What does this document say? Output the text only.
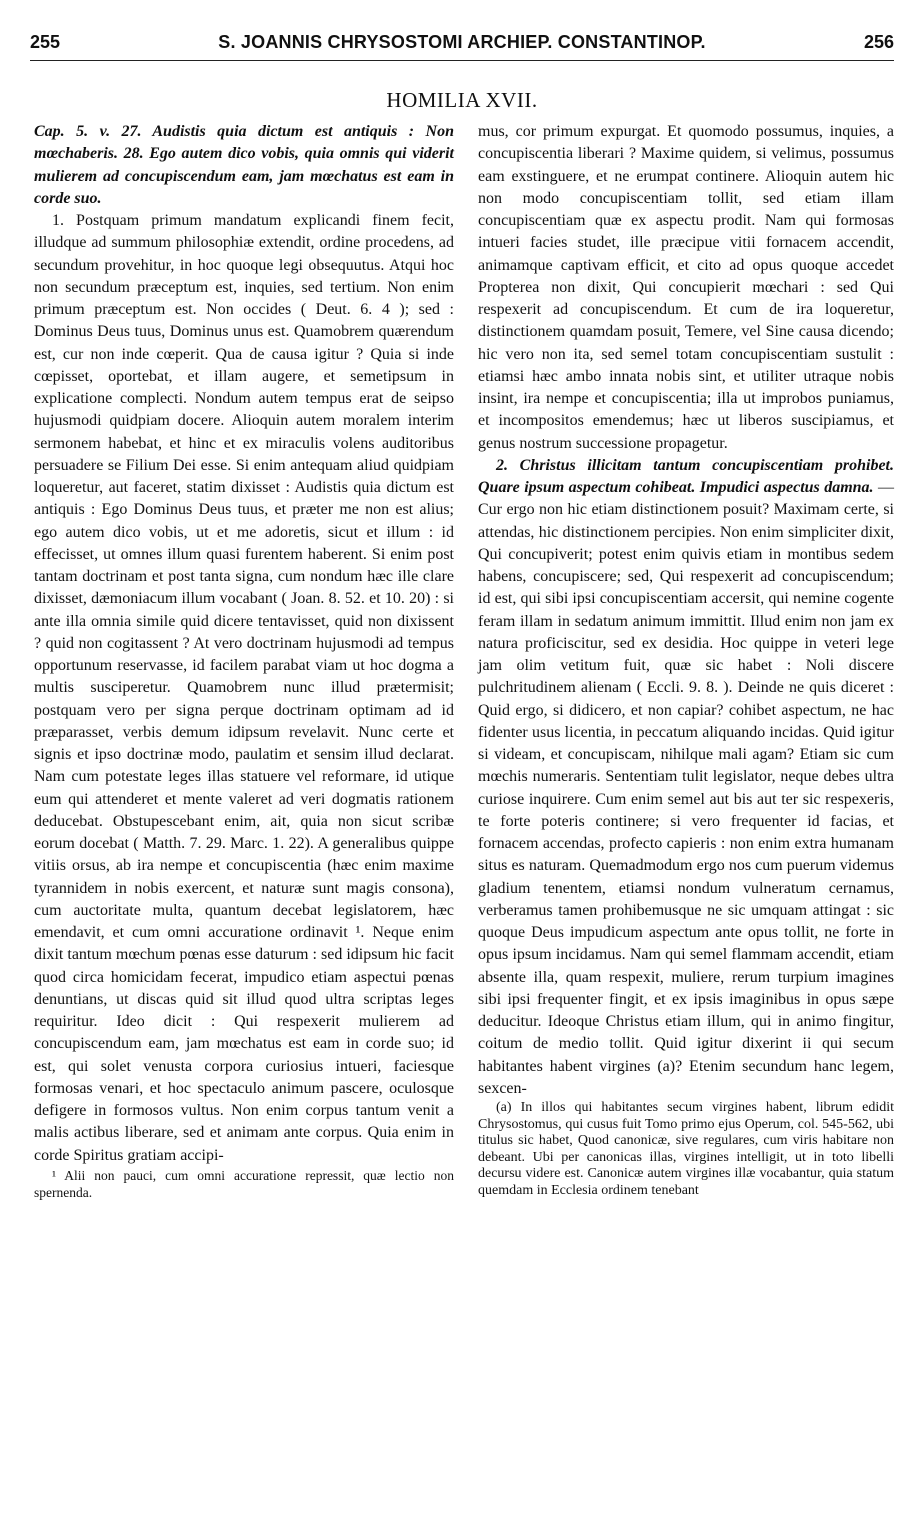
255	S. JOANNIS CHRYSOSTOMI ARCHIEP. CONSTANTINOP.	256
HOMILIA XVII.

Cap. 5. v. 27. Audistis quia dictum est antiquis : Non mœchaberis. 28. Ego autem dico vobis, quia omnis qui viderit mulierem ad concupiscendum eam, jam mœchatus est eam in corde suo.

1. Postquam primum mandatum explicandi finem fecit, illudque ad summum philosophiæ extendit, ordine procedens, ad secundum provehitur, in hoc quoque legi obsequutus. Atqui hoc non secundum præceptum est, inquies, sed tertium. Non enim primum præceptum est. Non occides ( Deut. 6. 4 ); sed : Dominus Deus tuus, Dominus unus est. Quamobrem quærendum est, cur non inde cœperit. Qua de causa igitur ? Quia si inde cœpisset, oportebat, et illam augere, et semetipsum in explicatione complecti. Nondum autem tempus erat de seipso hujusmodi quidpiam docere. Alioquin autem moralem interim sermonem habebat, et hinc et ex miraculis volens auditoribus persuadere se Filium Dei esse. Si enim antequam aliud quidpiam loqueretur, aut faceret, statim dixisset : Audistis quia dictum est antiquis : Ego Dominus Deus tuus, et præter me non est alius; ego autem dico vobis, ut et me adoretis, sicut et illum : id effecisset, ut omnes illum quasi furentem haberent. Si enim post tantam doctrinam et post tanta signa, cum nondum hæc ille clare dixisset, dæmoniacum illum vocabant ( Joan. 8. 52. et 10. 20) : si ante illa omnia simile quid dicere tentavisset, quid non dixissent ? quid non cogitassent ? At vero doctrinam hujusmodi ad tempus opportunum reservasse, id facilem parabat viam ut hoc dogma a multis susciperetur. Quamobrem nunc illud prætermisit; postquam vero per signa perque doctrinam optimam ad id præparasset, verbis demum idipsum revelavit. Nunc certe et signis et ipso doctrinæ modo, paulatim et sensim illud declarat. Nam cum potestate leges illas statuere vel reformare, id utique eum qui attenderet et mente valeret ad veri dogmatis rationem deducebat. Obstupescebant enim, ait, quia non sicut scribæ eorum docebat ( Matth. 7. 29. Marc. 1. 22). A generalibus quippe vitiis orsus, ab ira nempe et concupiscentia (hæc enim maxime tyrannidem in nobis exercent, et naturæ sunt magis consona), cum auctoritate multa, quantum decebat legislatorem, hæc emendavit, et cum omni accuratione ordinavit ¹. Neque enim dixit tantum mœchum pœnas esse daturum : sed idipsum hic facit quod circa homicidam fecerat, impudico etiam aspectui pœnas denuntians, ut discas quid sit illud quod ultra scriptas leges requiritur. Ideo dicit : Qui respexerit mulierem ad concupiscendum eam, jam mœchatus est eam in corde suo; id est, qui solet venusta corpora curiosius intueri, faciesque formosas venari, et hoc spectaculo animum pascere, oculosque defigere in formosos vultus. Non enim corpus tantum venit a malis actibus liberare, sed et animam ante corpus. Quia enim in corde Spiritus gratiam accipi-

¹ Alii non pauci, cum omni accuratione repressit, quæ lectio non spernenda.

mus, cor primum expurgat. Et quomodo possumus, inquies, a concupiscentia liberari ? Maxime quidem, si velimus, possumus eam exstinguere, et ne erumpat continere. Alioquin autem hic non modo concupiscentiam tollit, sed etiam illam concupiscentiam quæ ex aspectu prodit. Nam qui formosas intueri facies studet, ille præcipue vitii fornacem accendit, animamque captivam efficit, et cito ad opus quoque accedet Propterea non dixit, Qui concupierit mœchari : sed Qui respexerit ad concupiscendum. Et cum de ira loqueretur, distinctionem quamdam posuit, Temere, vel Sine causa dicendo; hic vero non ita, sed semel totam concupiscentiam sustulit : etiamsi hæc ambo innata nobis sint, et utiliter utraque nobis insint, ira nempe et concupiscentia; illa ut improbos puniamus, et incompositos emendemus; hæc ut liberos suscipiamus, et genus nostrum successione propagetur.

2. Christus illicitam tantum concupiscentiam prohibet. Quare ipsum aspectum cohibeat. Impudici aspectus damna. — Cur ergo non hic etiam distinctionem posuit? Maximam certe, si attendas, hic distinctionem percipies. Non enim simpliciter dixit, Qui concupiverit; potest enim quivis etiam in montibus sedem habens, concupiscere; sed, Qui respexerit ad concupiscendum; id est, qui sibi ipsi concupiscentiam accersit, qui nemine cogente feram illam in sedatum animum immittit. Illud enim non jam ex natura proficiscitur, sed ex desidia. Hoc quippe in veteri lege jam olim vetitum fuit, quæ sic habet : Noli discere pulchritudinem alienam ( Eccli. 9. 8. ). Deinde ne quis diceret : Quid ergo, si didicero, et non capiar? cohibet aspectum, ne hac fidenter usus licentia, in peccatum aliquando incidas. Quid igitur si videam, et concupiscam, nihilque mali agam? Etiam sic cum mœchis numeraris. Sententiam tulit legislator, neque debes ultra curiose inquirere. Cum enim semel aut bis aut ter sic respexeris, te forte poteris continere; si vero frequenter id facias, et fornacem accendas, profecto capieris : non enim extra humanam situs es naturam. Quemadmodum ergo nos cum puerum videmus gladium tenentem, etiamsi nondum vulneratum cernamus, verberamus tamen prohibemusque ne sic umquam attingat : sic quoque Deus impudicum aspectum ante opus tollit, ne forte in opus ipsum incidamus. Nam qui semel flammam accendit, etiam absente illa, quam respexit, muliere, rerum turpium imagines sibi ipsi frequenter fingit, et ex ipsis imaginibus in opus sæpe deducitur. Ideoque Christus etiam illum, qui in animo fingitur, coitum de medio tollit. Quid igitur dixerint ii qui secum habitantes habent virgines (a)? Etenim secundum hanc legem, sexcen-

(a) In illos qui habitantes secum virgines habent, librum edidit Chrysostomus, qui cusus fuit Tomo primo ejus Operum, col. 545-562, ubi titulus sic habet, Quod canonicæ, sive regulares, cum viris habitare non debeant. Ubi per canonicas illas, virgines intelligit, ut in toto libelli decursu videre est. Canonicæ autem virgines illæ vocabantur, quia statum quemdam in Ecclesia ordinem tenebant
